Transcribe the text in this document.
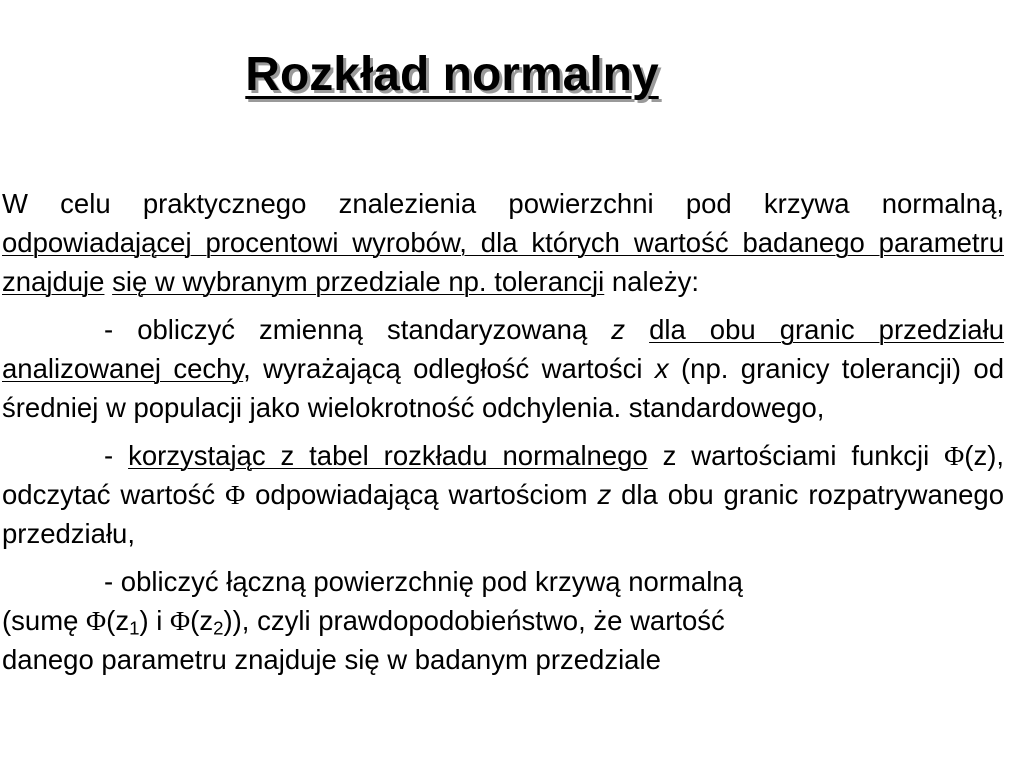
Rozkład normalny

W celu praktycznego znalezienia powierzchni pod krzywa normalną, odpowiadającej procentowi wyrobów, dla których wartość badanego parametru znajduje się w wybranym przedziale np. tolerancji należy:

- obliczyć zmienną standaryzowaną z dla obu granic przedziału analizowanej cechy, wyrażającą odległość wartości x (np. granicy tolerancji) od średniej w populacji jako wielokrotność odchylenia. standardowego,

- korzystając z tabel rozkładu normalnego z wartościami funkcji Φ(z), odczytać wartość Φ odpowiadającą wartościom z dla obu granic rozpatrywanego przedziału,

- obliczyć łączną powierzchnię pod krzywą normalną
(sumę $\Phi(z_1)$ i $\Phi(z_2)$), czyli prawdopodobieństwo, że wartość
danego parametru znajduje się w badanym przedziale
